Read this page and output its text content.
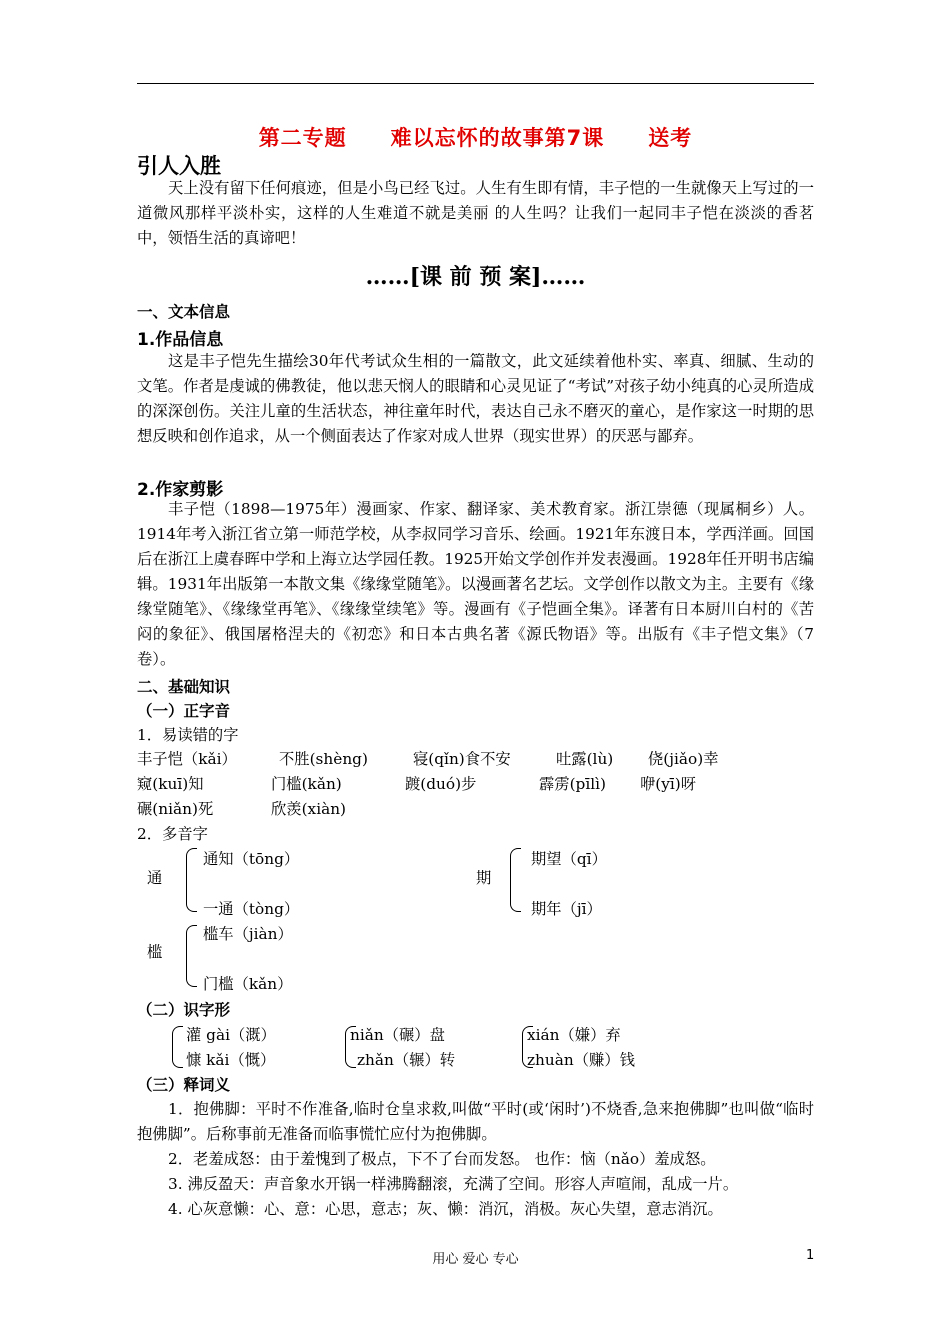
第二专题　　难以忘怀的故事第7课　　送考
引人入胜
天上没有留下任何痕迹，但是小鸟已经飞过。人生有生即有情，丰子恺的一生就像天上写过的一道微风那样平淡朴实，这样的人生难道不就是美丽 的人生吗？让我们一起同丰子恺在淡淡的香茗中，领悟生活的真谛吧！
……[课 前 预 案]……
一、文本信息
1.作品信息
这是丰子恺先生描绘30年代考试众生相的一篇散文，此文延续着他朴实、率真、细腻、生动的文笔。作者是虔诚的佛教徒，他以悲天悯人的眼睛和心灵见证了“考试”对孩子幼小纯真的心灵所造成的深深创伤。关注儿童的生活状态，神往童年时代，表达自己永不磨灭的童心，是作家这一时期的思想反映和创作追求，从一个侧面表达了作家对成人世界（现实世界）的厌恶与鄙弃。
2.作家剪影
丰子恺（1898—1975年）漫画家、作家、翻译家、美术教育家。浙江崇德（现属桐乡）人。1914年考入浙江省立第一师范学校，从李叔同学习音乐、绘画。1921年东渡日本，学西洋画。回国后在浙江上虞春晖中学和上海立达学园任教。1925开始文学创作并发表漫画。1928年任开明书店编辑。1931年出版第一本散文集《缘缘堂随笔》。以漫画著名艺坛。文学创作以散文为主。主要有《缘缘堂随笔》、《缘缘堂再笔》、《缘缘堂续笔》等。漫画有《子恺画全集》。译著有日本厨川白村的《苦闷的象征》、俄国屠格涅夫的《初恋》和日本古典名著《源氏物语》等。出版有《丰子恺文集》（7卷）。
二、基础知识
（一）正字音
1．易读错的字
丰子恺（kǎi）	不胜(shèng)	寝(qǐn)食不安	吐露(lù) 侥(jiǎo)幸
窥(kuī)知	门槛(kǎn)	踱(duó)步	霹雳(pīlì) 咿(yī)呀
碾(niǎn)死	欣羡(xiàn)
2．多音字
通
通知（tōng）
一通（tòng）
期
期望（qī）
期年（jī）
槛
槛车（jiàn）
门槛（kǎn）
（二）识字形
灌 gài（溉）
慷 kǎi（慨）
niǎn（碾）盘
zhǎn（辗）转
xián（嫌）弃
zhuàn（赚）钱
（三）释词义
1．抱佛脚：平时不作准备,临时仓皇求救,叫做“平时(或‘闲时’)不烧香,急来抱佛脚”也叫做“临时抱佛脚”。后称事前无准备而临事慌忙应付为抱佛脚。
2．老羞成怒：由于羞愧到了极点，下不了台而发怒。 也作：恼（nǎo）羞成怒。
3. 沸反盈天：声音象水开锅一样沸腾翻滚，充满了空间。形容人声喧闹，乱成一片。
4. 心灰意懒：心、意：心思，意志；灰、懒：消沉，消极。灰心失望，意志消沉。
用心 爱心 专心	1
